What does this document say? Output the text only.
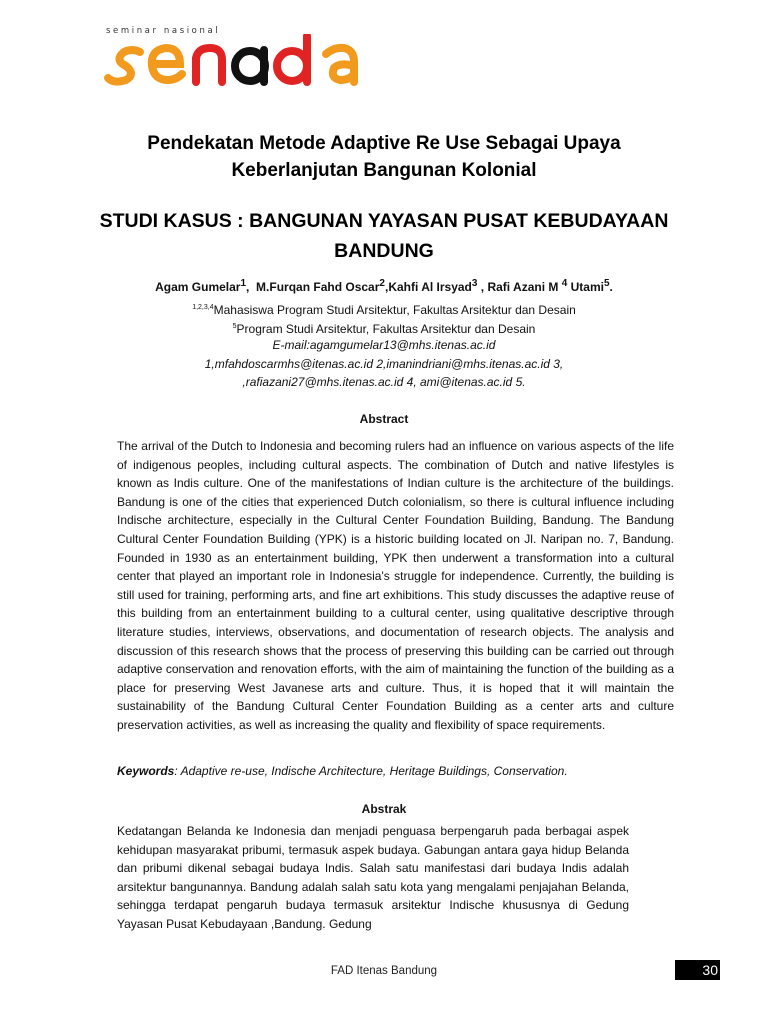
seminar nasional
Pendekatan Metode Adaptive Re Use Sebagai Upaya Keberlanjutan Bangunan Kolonial
STUDI KASUS : BANGUNAN YAYASAN PUSAT KEBUDAYAAN BANDUNG
Agam Gumelar$^1$,  M.Furqan Fahd Oscar$^2$,Kahfi Al Irsyad$^3$ , Rafi Azani M $^4$ Utami$^5$.
$^{1,2,3,4}$Mahasiswa Program Studi Arsitektur, Fakultas Arsitektur dan Desain
$^5$Program Studi Arsitektur, Fakultas Arsitektur dan Desain
E-mail:agamgumelar13@mhs.itenas.ac.id
1,mfahdoscarmhs@itenas.ac.id 2,imanindriani@mhs.itenas.ac.id 3,
,rafiazani27@mhs.itenas.ac.id 4, ami@itenas.ac.id 5.
Abstract

The arrival of the Dutch to Indonesia and becoming rulers had an influence on various aspects of the life of indigenous peoples, including cultural aspects. The combination of Dutch and native lifestyles is known as Indis culture. One of the manifestations of Indian culture is the architecture of the buildings. Bandung is one of the cities that experienced Dutch colonialism, so there is cultural influence including Indische architecture, especially in the Cultural Center Foundation Building, Bandung. The Bandung Cultural Center Foundation Building (YPK) is a historic building located on Jl. Naripan no. 7, Bandung. Founded in 1930 as an entertainment building, YPK then underwent a transformation into a cultural center that played an important role in Indonesia's struggle for independence. Currently, the building is still used for training, performing arts, and fine art exhibitions. This study discusses the adaptive reuse of this building from an entertainment building to a cultural center, using qualitative descriptive through literature studies, interviews, observations, and documentation of research objects. The analysis and discussion of this research shows that the process of preserving this building can be carried out through adaptive conservation and renovation efforts, with the aim of maintaining the function of the building as a place for preserving West Javanese arts and culture. Thus, it is hoped that it will maintain the sustainability of the Bandung Cultural Center Foundation Building as a center arts and culture preservation activities, as well as increasing the quality and flexibility of space requirements.

Keywords: Adaptive re-use, Indische Architecture, Heritage Buildings, Conservation.

Abstrak

Kedatangan Belanda ke Indonesia dan menjadi penguasa berpengaruh pada berbagai aspek kehidupan masyarakat pribumi, termasuk aspek budaya. Gabungan antara gaya hidup Belanda dan pribumi dikenal sebagai budaya Indis. Salah satu manifestasi dari budaya Indis adalah arsitektur bangunannya. Bandung adalah salah satu kota yang mengalami penjajahan Belanda, sehingga terdapat pengaruh budaya termasuk arsitektur Indische khususnya di Gedung Yayasan Pusat Kebudayaan ,Bandung. Gedung

FAD Itenas Bandung	30
